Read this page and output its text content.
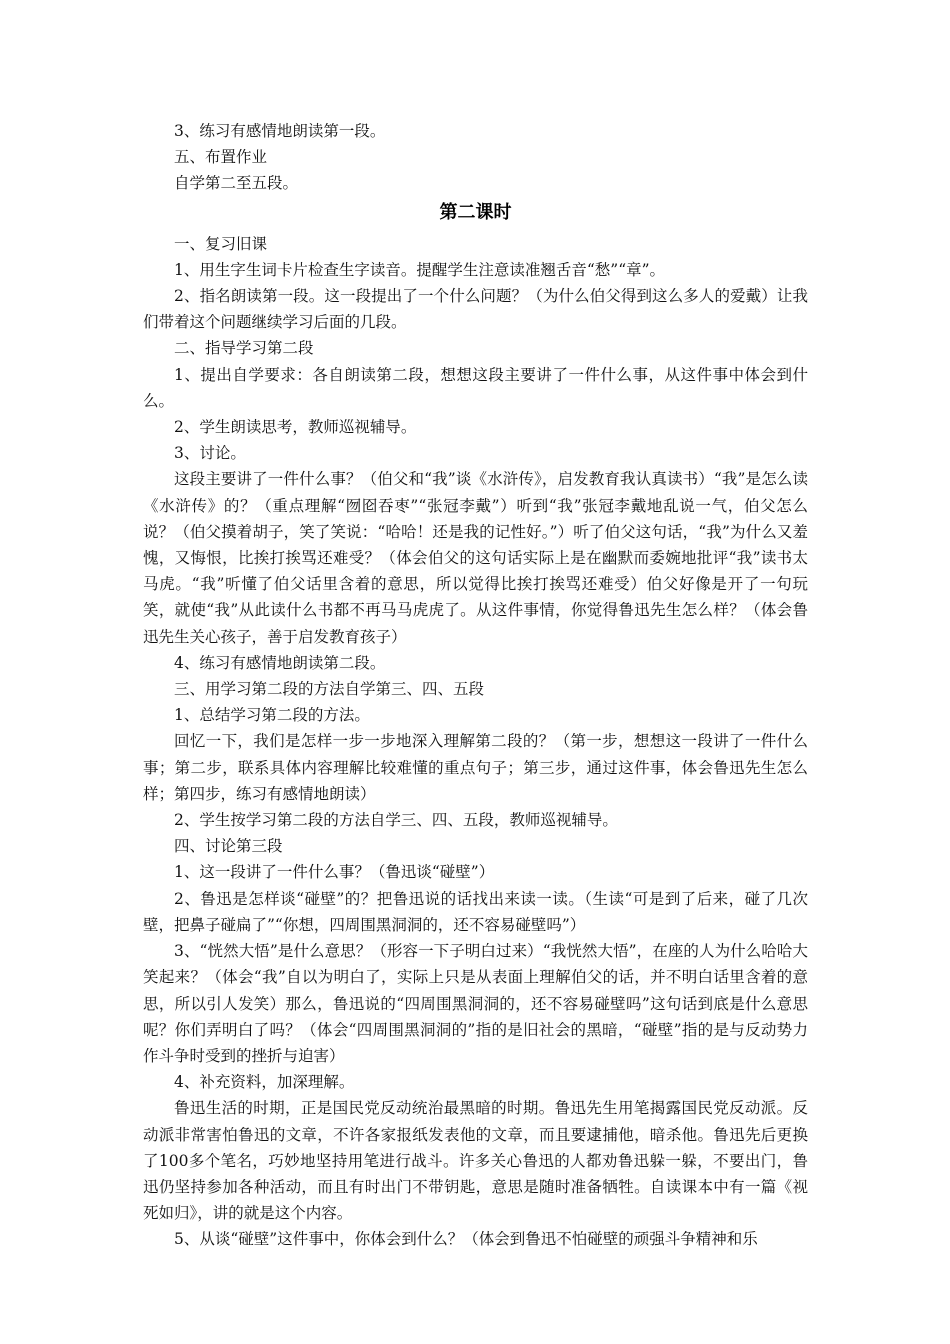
3、练习有感情地朗读第一段。

五、布置作业

自学第二至五段。

第二课时

一、复习旧课

1、用生字生词卡片检查生字读音。提醒学生注意读准翘舌音“愁”“章”。

2、指名朗读第一段。这一段提出了一个什么问题？（为什么伯父得到这么多人的爱戴）让我们带着这个问题继续学习后面的几段。

二、指导学习第二段

1、提出自学要求：各自朗读第二段，想想这段主要讲了一件什么事，从这件事中体会到什么。

2、学生朗读思考，教师巡视辅导。

3、讨论。

这段主要讲了一件什么事？（伯父和“我”谈《水浒传》，启发教育我认真读书）“我”是怎么读《水浒传》的？（重点理解“囫囵吞枣”“张冠李戴”）听到“我”张冠李戴地乱说一气，伯父怎么说？（伯父摸着胡子，笑了笑说：“哈哈！还是我的记性好。”）听了伯父这句话，“我”为什么又羞愧，又悔恨，比挨打挨骂还难受？（体会伯父的这句话实际上是在幽默而委婉地批评“我”读书太马虎。“我”听懂了伯父话里含着的意思，所以觉得比挨打挨骂还难受）伯父好像是开了一句玩笑，就使“我”从此读什么书都不再马马虎虎了。从这件事情，你觉得鲁迅先生怎么样？（体会鲁迅先生关心孩子，善于启发教育孩子）

4、练习有感情地朗读第二段。

三、用学习第二段的方法自学第三、四、五段

1、总结学习第二段的方法。

回忆一下，我们是怎样一步一步地深入理解第二段的？（第一步，想想这一段讲了一件什么事；第二步，联系具体内容理解比较难懂的重点句子；第三步，通过这件事，体会鲁迅先生怎么样；第四步，练习有感情地朗读）

2、学生按学习第二段的方法自学三、四、五段，教师巡视辅导。

四、讨论第三段

1、这一段讲了一件什么事？（鲁迅谈“碰壁”）

2、鲁迅是怎样谈“碰壁”的？把鲁迅说的话找出来读一读。（生读“可是到了后来，碰了几次壁，把鼻子碰扁了”“你想，四周围黑洞洞的，还不容易碰壁吗”）

3、“恍然大悟”是什么意思？（形容一下子明白过来）“我恍然大悟”，在座的人为什么哈哈大笑起来？（体会“我”自以为明白了，实际上只是从表面上理解伯父的话，并不明白话里含着的意思，所以引人发笑）那么，鲁迅说的“四周围黑洞洞的，还不容易碰壁吗”这句话到底是什么意思呢？你们弄明白了吗？（体会“四周围黑洞洞的”指的是旧社会的黑暗，“碰壁”指的是与反动势力作斗争时受到的挫折与迫害）

4、补充资料，加深理解。

鲁迅生活的时期，正是国民党反动统治最黑暗的时期。鲁迅先生用笔揭露国民党反动派。反动派非常害怕鲁迅的文章，不许各家报纸发表他的文章，而且要逮捕他，暗杀他。鲁迅先后更换了100多个笔名，巧妙地坚持用笔进行战斗。许多关心鲁迅的人都劝鲁迅躲一躲，不要出门，鲁迅仍坚持参加各种活动，而且有时出门不带钥匙，意思是随时准备牺牲。自读课本中有一篇《视死如归》，讲的就是这个内容。

5、从谈“碰壁”这件事中，你体会到什么？（体会到鲁迅不怕碰壁的顽强斗争精神和乐
